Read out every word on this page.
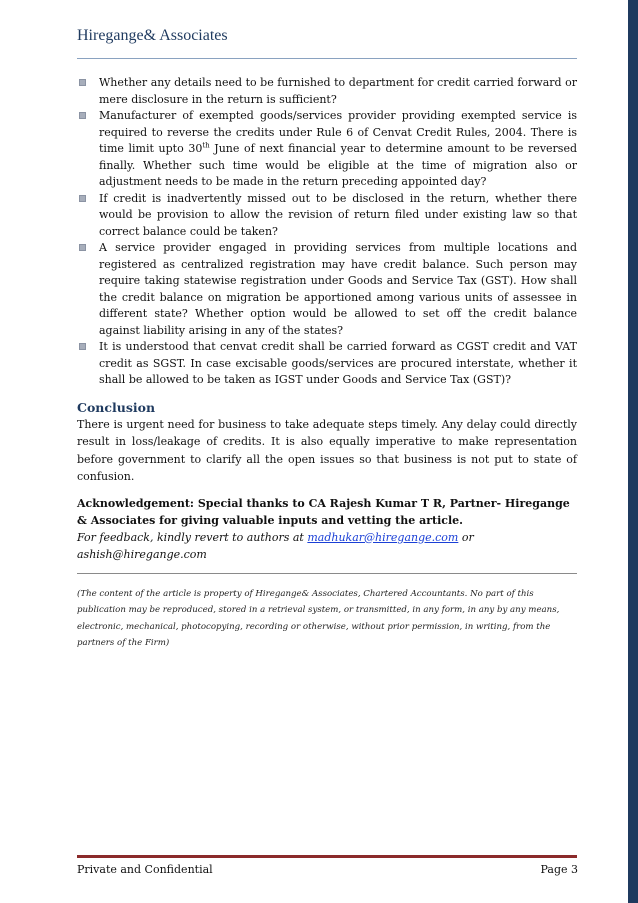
Hiregange& Associates
Whether any details need to be furnished to department for credit carried forward or mere disclosure in the return is sufficient?
Manufacturer of exempted goods/services provider providing exempted service is required to reverse the credits under Rule 6 of Cenvat Credit Rules, 2004. There is time limit upto 30th June of next financial year to determine amount to be reversed finally. Whether such time would be eligible at the time of migration also or adjustment needs to be made in the return preceding appointed day?
If credit is inadvertently missed out to be disclosed in the return, whether there would be provision to allow the revision of return filed under existing law so that correct balance could be taken?
A service provider engaged in providing services from multiple locations and registered as centralized registration may have credit balance. Such person may require taking statewise registration under Goods and Service Tax (GST). How shall the credit balance on migration be apportioned among various units of assessee in different state? Whether option would be allowed to set off the credit balance against liability arising in any of the states?
It is understood that cenvat credit shall be carried forward as CGST credit and VAT credit as SGST. In case excisable goods/services are procured interstate, whether it shall be allowed to be taken as IGST under Goods and Service Tax (GST)?
Conclusion
There is urgent need for business to take adequate steps timely. Any delay could directly result in loss/leakage of credits. It is also equally imperative to make representation before government to clarify all the open issues so that business is not put to state of confusion.
Acknowledgement: Special thanks to CA Rajesh Kumar T R, Partner- Hiregange & Associates for giving valuable inputs and vetting the article.
For feedback, kindly revert to authors at madhukar@hiregange.com or ashish@hiregange.com
(The content of the article is property of Hiregange& Associates, Chartered Accountants. No part of this publication may be reproduced, stored in a retrieval system, or transmitted, in any form, in any by any means, electronic, mechanical, photocopying, recording or otherwise, without prior permission, in writing, from the partners of the Firm)
Private and Confidential	Page 3
